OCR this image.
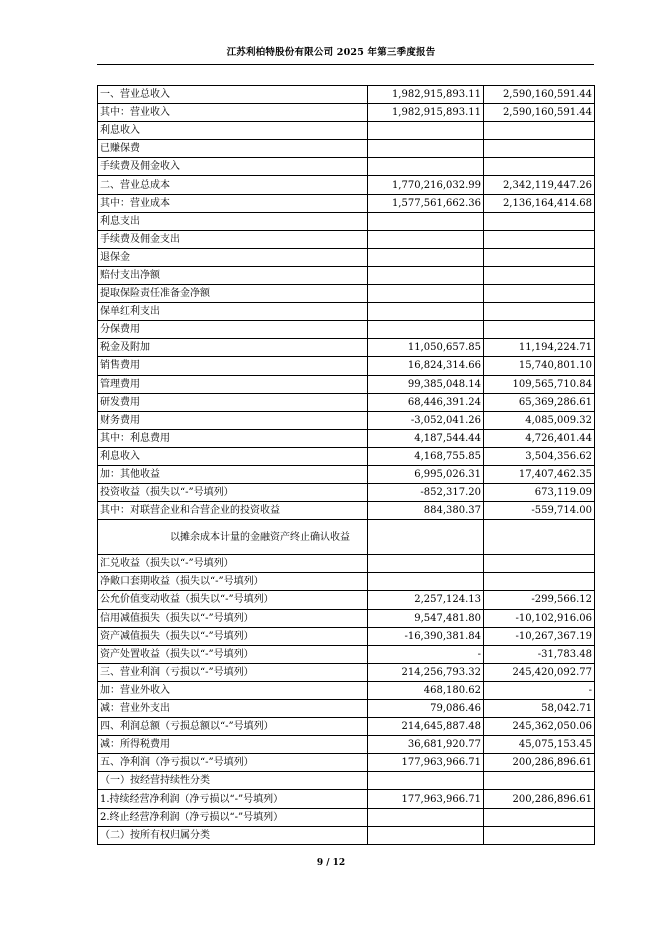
江苏利柏特股份有限公司 2025 年第三季度报告
一、营业总收入	1,982,915,893.11	2,590,160,591.44
其中：营业收入	1,982,915,893.11	2,590,160,591.44
利息收入		
已赚保费		
手续费及佣金收入		
二、营业总成本	1,770,216,032.99	2,342,119,447.26
其中：营业成本	1,577,561,662.36	2,136,164,414.68
利息支出		
手续费及佣金支出		
退保金		
赔付支出净额		
提取保险责任准备金净额		
保单红利支出		
分保费用		
税金及附加	11,050,657.85	11,194,224.71
销售费用	16,824,314.66	15,740,801.10
管理费用	99,385,048.14	109,565,710.84
研发费用	68,446,391.24	65,369,286.61
财务费用	-3,052,041.26	4,085,009.32
其中：利息费用	4,187,544.44	4,726,401.44
利息收入	4,168,755.85	3,504,356.62
加：其他收益	6,995,026.31	17,407,462.35
投资收益（损失以“-”号填列）	-852,317.20	673,119.09
其中：对联营企业和合营企业的投资收益	884,380.37	-559,714.00
以摊余成本计量的金融资产终止确认收益		
汇兑收益（损失以“-”号填列）		
净敞口套期收益（损失以“-”号填列）		
公允价值变动收益（损失以“-”号填列）	2,257,124.13	-299,566.12
信用减值损失（损失以“-”号填列）	9,547,481.80	-10,102,916.06
资产减值损失（损失以“-”号填列）	-16,390,381.84	-10,267,367.19
资产处置收益（损失以“-”号填列）	-	-31,783.48
三、营业利润（亏损以“-”号填列）	214,256,793.32	245,420,092.77
加：营业外收入	468,180.62	-
减：营业外支出	79,086.46	58,042.71
四、利润总额（亏损总额以“-”号填列）	214,645,887.48	245,362,050.06
减：所得税费用	36,681,920.77	45,075,153.45
五、净利润（净亏损以“-”号填列）	177,963,966.71	200,286,896.61
（一）按经营持续性分类		
1.持续经营净利润（净亏损以“-”号填列）	177,963,966.71	200,286,896.61
2.终止经营净利润（净亏损以“-”号填列）		
（二）按所有权归属分类		
9 / 12
